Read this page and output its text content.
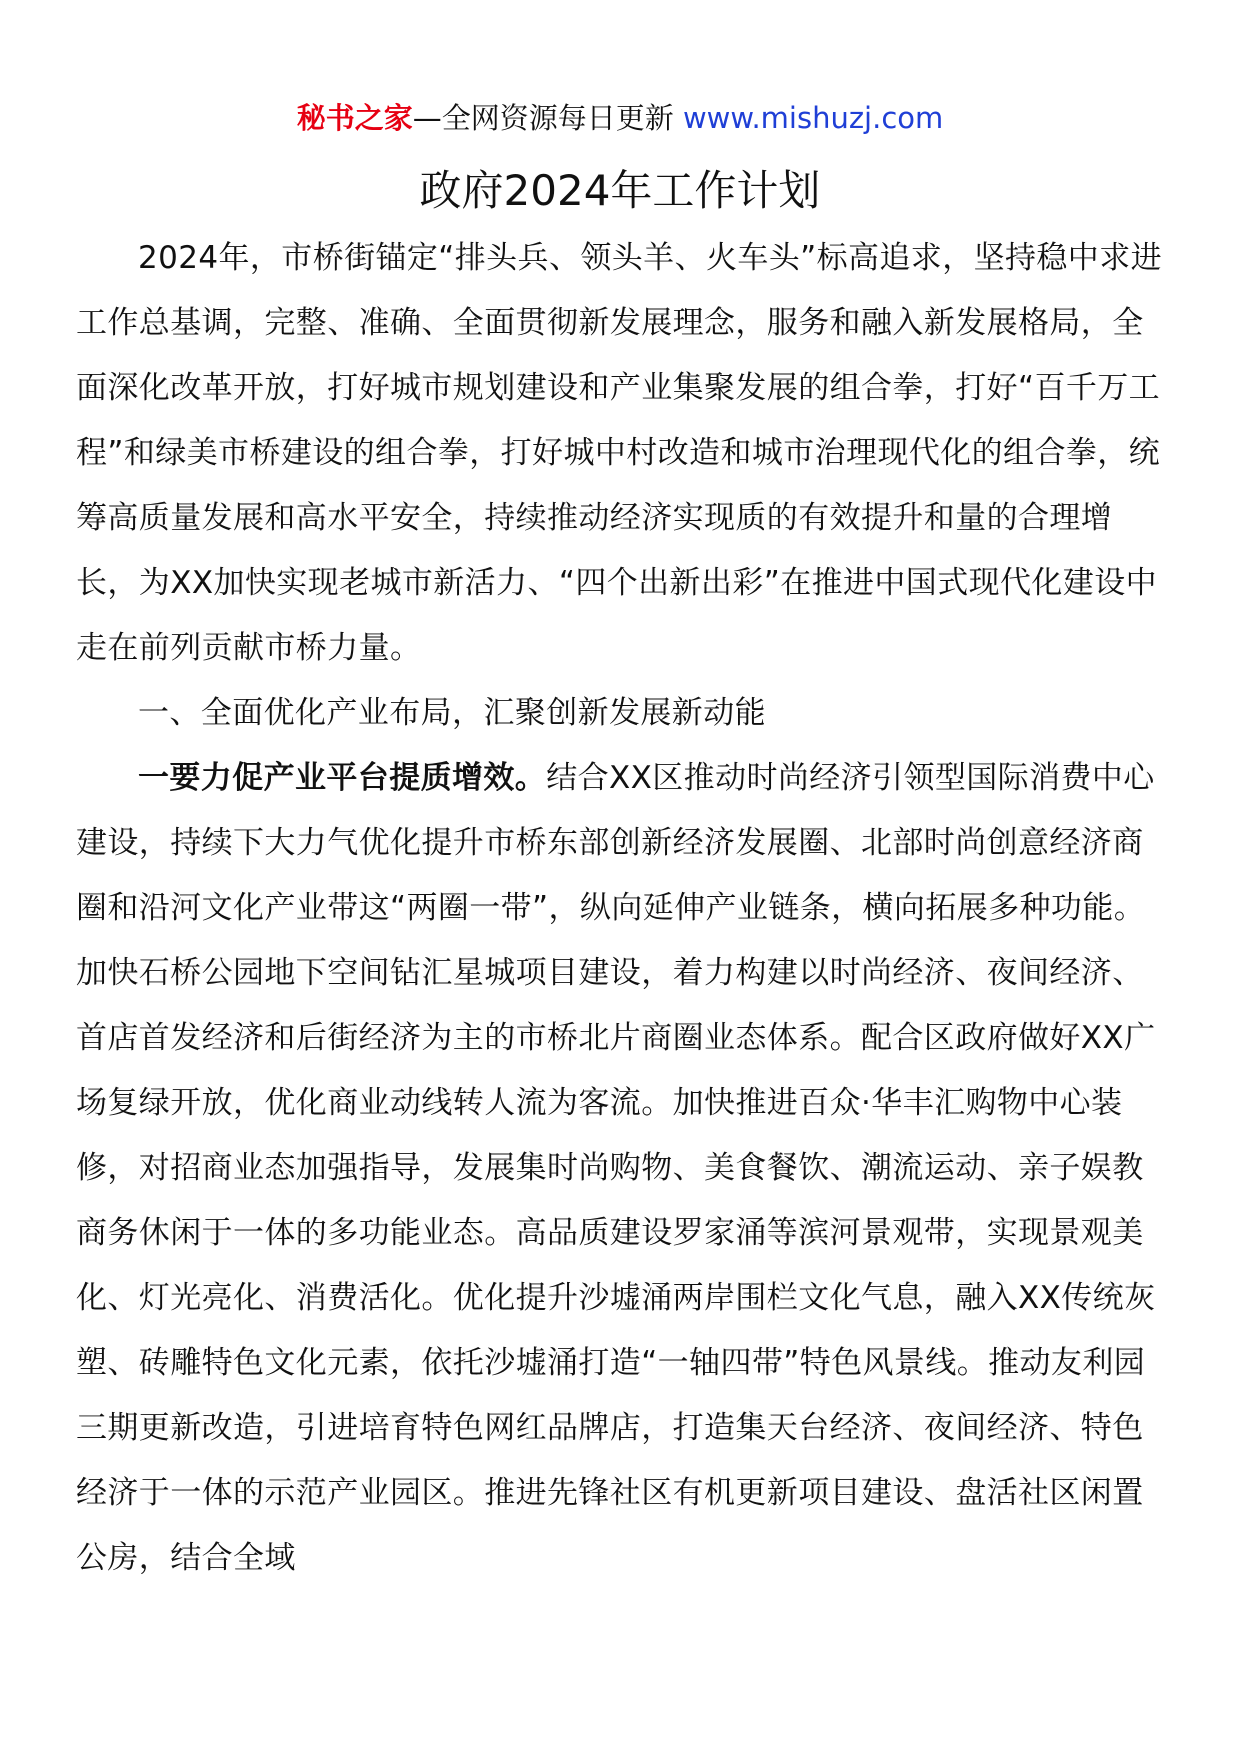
秘书之家—全网资源每日更新 www.mishuzj.com
政府2024年工作计划

2024年，市桥街锚定“排头兵、领头羊、火车头”标高追求，坚持稳中求进工作总基调，完整、准确、全面贯彻新发展理念，服务和融入新发展格局，全面深化改革开放，打好城市规划建设和产业集聚发展的组合拳，打好“百千万工程”和绿美市桥建设的组合拳，打好城中村改造和城市治理现代化的组合拳，统筹高质量发展和高水平安全，持续推动经济实现质的有效提升和量的合理增长，为XX加快实现老城市新活力、“四个出新出彩”在推进中国式现代化建设中走在前列贡献市桥力量。

一、全面优化产业布局，汇聚创新发展新动能

一要力促产业平台提质增效。结合XX区推动时尚经济引领型国际消费中心建设，持续下大力气优化提升市桥东部创新经济发展圈、北部时尚创意经济商圈和沿河文化产业带这“两圈一带”，纵向延伸产业链条，横向拓展多种功能。加快石桥公园地下空间钻汇星城项目建设，着力构建以时尚经济、夜间经济、首店首发经济和后街经济为主的市桥北片商圈业态体系。配合区政府做好XX广场复绿开放，优化商业动线转人流为客流。加快推进百众·华丰汇购物中心装修，对招商业态加强指导，发展集时尚购物、美食餐饮、潮流运动、亲子娱教商务休闲于一体的多功能业态。高品质建设罗家涌等滨河景观带，实现景观美化、灯光亮化、消费活化。优化提升沙墟涌两岸围栏文化气息，融入XX传统灰塑、砖雕特色文化元素，依托沙墟涌打造“一轴四带”特色风景线。推动友利园三期更新改造，引进培育特色网红品牌店，打造集天台经济、夜间经济、特色经济于一体的示范产业园区。推进先锋社区有机更新项目建设、盘活社区闲置公房，结合全域
